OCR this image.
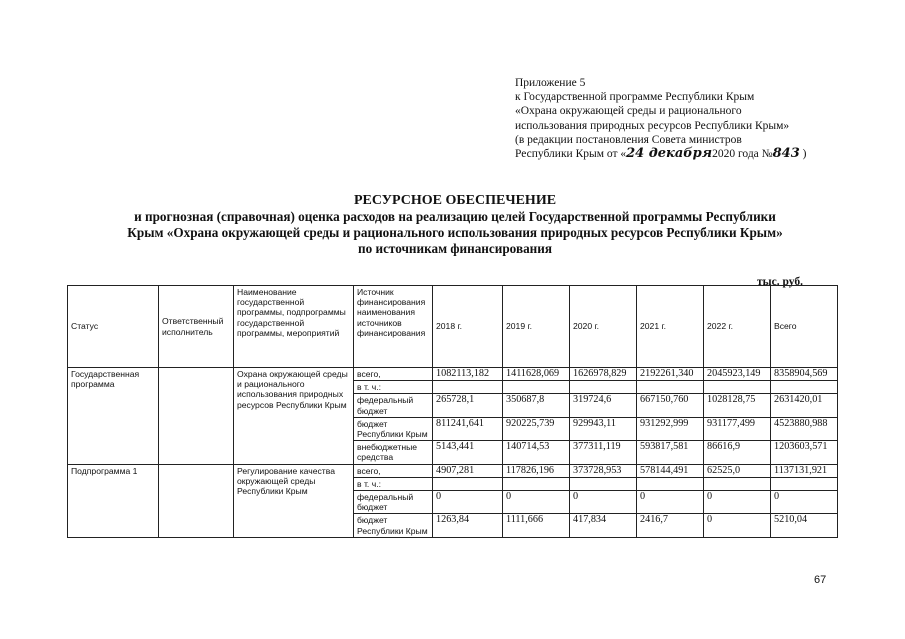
Приложение 5
к Государственной программе Республики Крым
«Охрана окружающей среды и рационального
использования природных ресурсов Республики Крым»
(в редакции постановления Совета министров
Республики Крым от «24 декабря2020 года №843 )
РЕСУРСНОЕ ОБЕСПЕЧЕНИЕ
и прогнозная (справочная) оценка расходов на реализацию целей Государственной программы Республики
Крым «Охрана окружающей среды и рационального использования природных ресурсов Республики Крым»
по источникам финансирования
тыс. руб.
Статус	Ответственный исполнитель	Наименование государственной программы, подпрограммы государственной программы, мероприятий	Источник финансирования наименования источников финансирования	2018 г.	2019 г.	2020 г.	2021 г.	2022 г.	Всего
Государственная программа		Охрана окружающей среды и рационального использования природных ресурсов Республики Крым	всего,	1082113,182	1411628,069	1626978,829	2192261,340	2045923,149	8358904,569
			в т. ч.:						
			федеральный бюджет	265728,1	350687,8	319724,6	667150,760	1028128,75	2631420,01
			бюджет Республики Крым	811241,641	920225,739	929943,11	931292,999	931177,499	4523880,988
			внебюджетные средства	5143,441	140714,53	377311,119	593817,581	86616,9	1203603,571
Подпрограмма 1		Регулирование качества окружающей среды Республики Крым	всего,	4907,281	117826,196	373728,953	578144,491	62525,0	1137131,921
			в т. ч.:						
			федеральный бюджет	0	0	0	0	0	0
			бюджет Республики Крым	1263,84	1111,666	417,834	2416,7	0	5210,04
67
